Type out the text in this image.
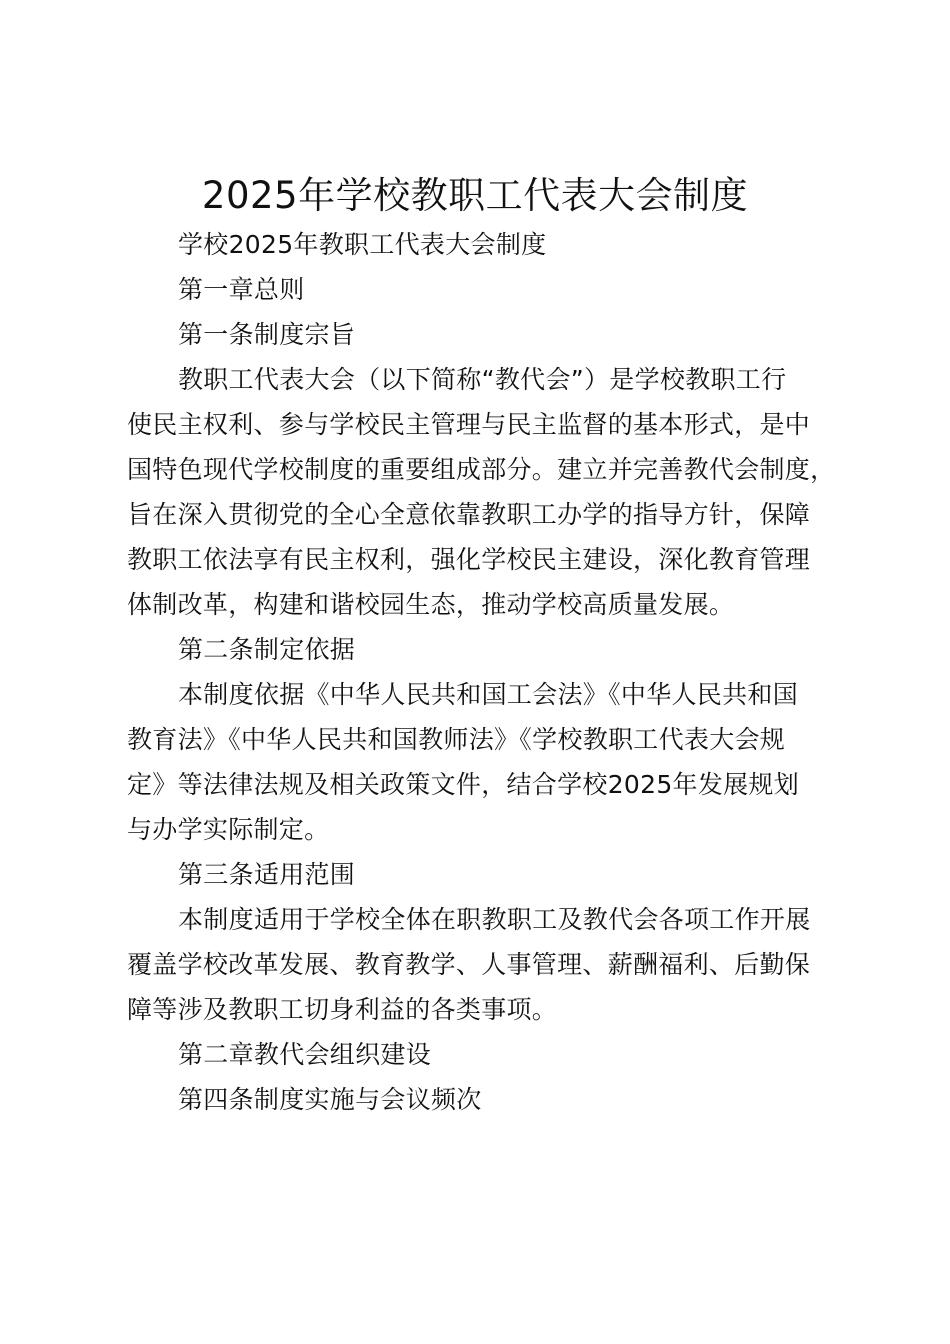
2025年学校教职工代表大会制度
学校2025年教职工代表大会制度
第一章总则
第一条制度宗旨
教职工代表大会（以下简称“教代会”）是学校教职工行
使民主权利、参与学校民主管理与民主监督的基本形式，是中
国特色现代学校制度的重要组成部分。建立并完善教代会制度，
旨在深入贯彻党的全心全意依靠教职工办学的指导方针，保障
教职工依法享有民主权利，强化学校民主建设，深化教育管理
体制改革，构建和谐校园生态，推动学校高质量发展。
第二条制定依据
本制度依据《中华人民共和国工会法》《中华人民共和国
教育法》《中华人民共和国教师法》《学校教职工代表大会规
定》等法律法规及相关政策文件，结合学校2025年发展规划
与办学实际制定。
第三条适用范围
本制度适用于学校全体在职教职工及教代会各项工作开展
覆盖学校改革发展、教育教学、人事管理、薪酬福利、后勤保
障等涉及教职工切身利益的各类事项。
第二章教代会组织建设
第四条制度实施与会议频次
